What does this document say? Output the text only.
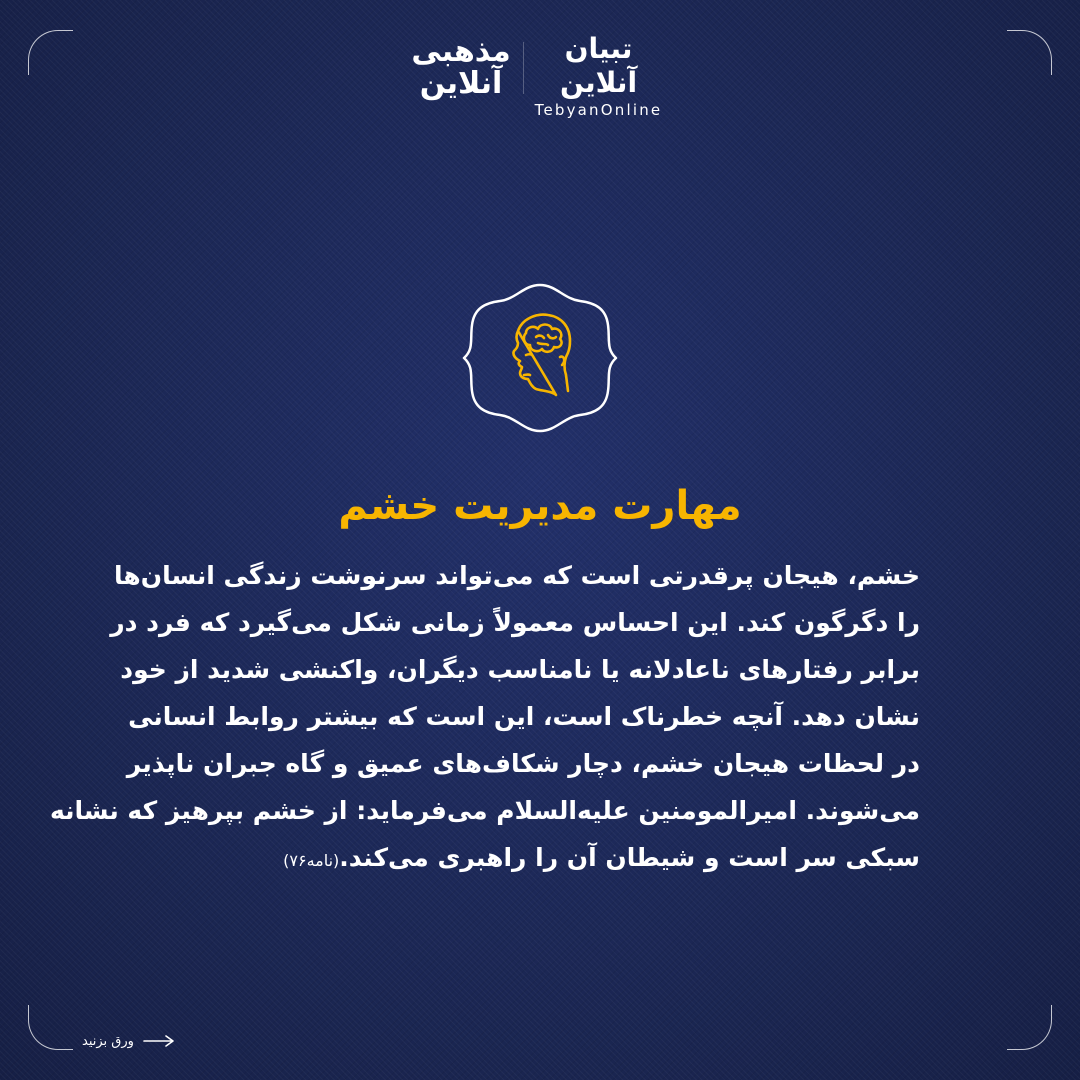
مذهبی
آنلاین
تبیان آنلاین
TebyanOnline
مهارت مدیریت خشم
خشم، هیجان پرقدرتی است که می‌تواند سرنوشت زندگی انسان‌ها
را دگرگون کند. این احساس معمولاً زمانی شکل می‌گیرد که فرد در
برابر رفتارهای ناعادلانه یا نامناسب دیگران، واکنشی شدید از خود
نشان دهد. آنچه خطرناک است، این است که بیشتر روابط انسانی
در لحظات هیجان خشم، دچار شکاف‌های عمیق و گاه جبران ناپذیر
می‌شوند. امیرالمومنین علیه‌السلام می‌فرماید: از خشم بپرهیز که نشانه
سبکی سر است و شیطان آن را راهبری می‌کند.(نامه۷۶)
ورق بزنید
